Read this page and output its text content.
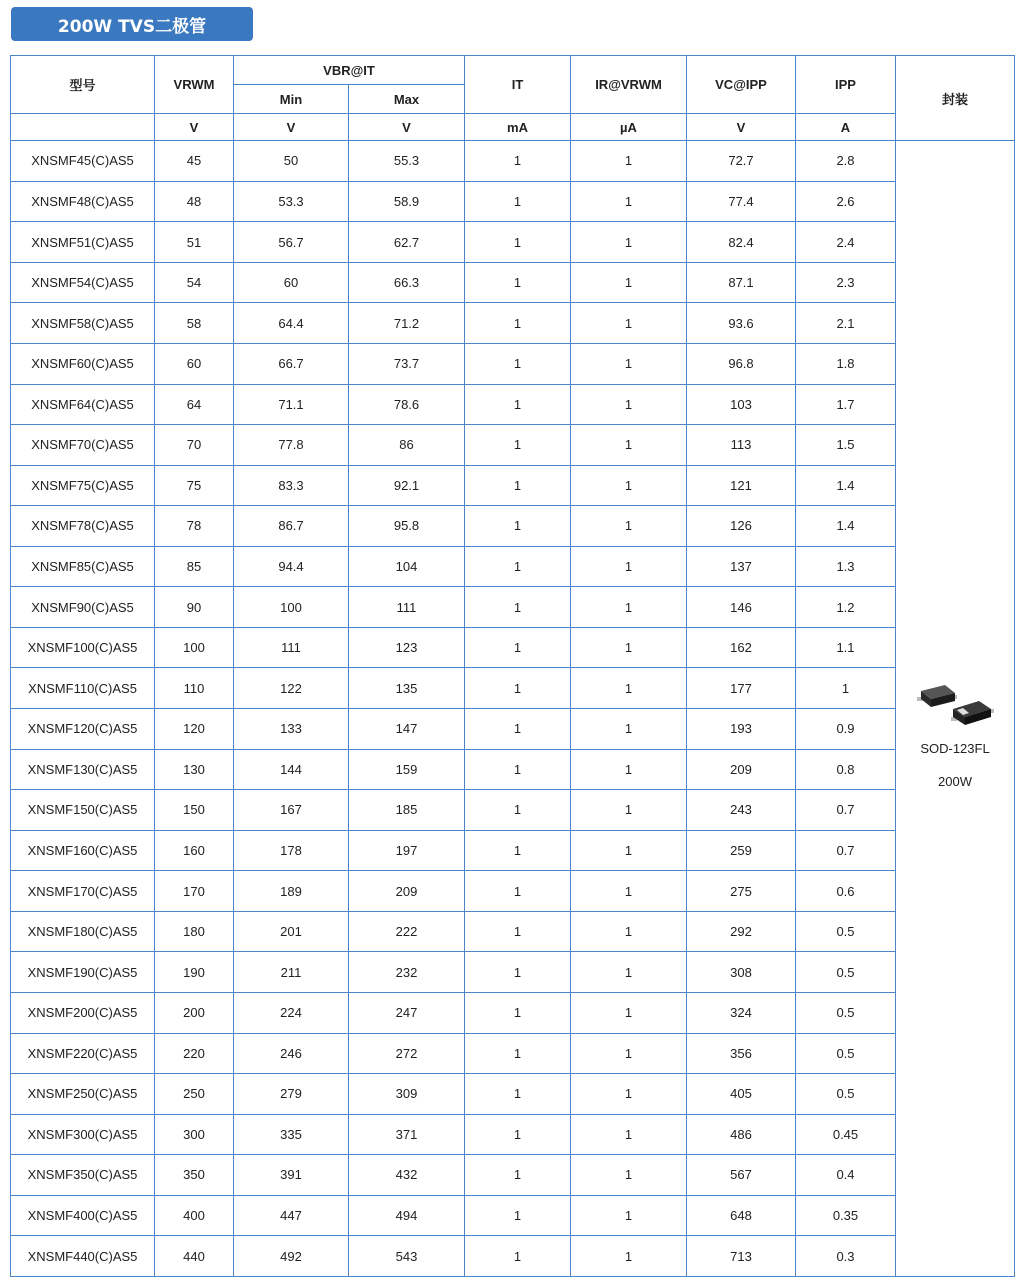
200W TVS二极管
型号	VRWM	VBR@IT		IT	IR@VRWM	VC@IPP	IPP	封装
		Min	Max					
	V	V	V	mA	µA	V	A	
XNSMF45(C)AS5	45	50	55.3	1	1	72.7	2.8	SOD-123FL
200W

XNSMF48(C)AS5	48	53.3	58.9	1	1	77.4	2.6	
XNSMF51(C)AS5	51	56.7	62.7	1	1	82.4	2.4	
XNSMF54(C)AS5	54	60	66.3	1	1	87.1	2.3	
XNSMF58(C)AS5	58	64.4	71.2	1	1	93.6	2.1	
XNSMF60(C)AS5	60	66.7	73.7	1	1	96.8	1.8	
XNSMF64(C)AS5	64	71.1	78.6	1	1	103	1.7	
XNSMF70(C)AS5	70	77.8	86	1	1	113	1.5	
XNSMF75(C)AS5	75	83.3	92.1	1	1	121	1.4	
XNSMF78(C)AS5	78	86.7	95.8	1	1	126	1.4	
XNSMF85(C)AS5	85	94.4	104	1	1	137	1.3	
XNSMF90(C)AS5	90	100	111	1	1	146	1.2	
XNSMF100(C)AS5	100	111	123	1	1	162	1.1	
XNSMF110(C)AS5	110	122	135	1	1	177	1	
XNSMF120(C)AS5	120	133	147	1	1	193	0.9	
XNSMF130(C)AS5	130	144	159	1	1	209	0.8	
XNSMF150(C)AS5	150	167	185	1	1	243	0.7	
XNSMF160(C)AS5	160	178	197	1	1	259	0.7	
XNSMF170(C)AS5	170	189	209	1	1	275	0.6	
XNSMF180(C)AS5	180	201	222	1	1	292	0.5	
XNSMF190(C)AS5	190	211	232	1	1	308	0.5	
XNSMF200(C)AS5	200	224	247	1	1	324	0.5	
XNSMF220(C)AS5	220	246	272	1	1	356	0.5	
XNSMF250(C)AS5	250	279	309	1	1	405	0.5	
XNSMF300(C)AS5	300	335	371	1	1	486	0.45	
XNSMF350(C)AS5	350	391	432	1	1	567	0.4	
XNSMF400(C)AS5	400	447	494	1	1	648	0.35	
XNSMF440(C)AS5	440	492	543	1	1	713	0.3	
